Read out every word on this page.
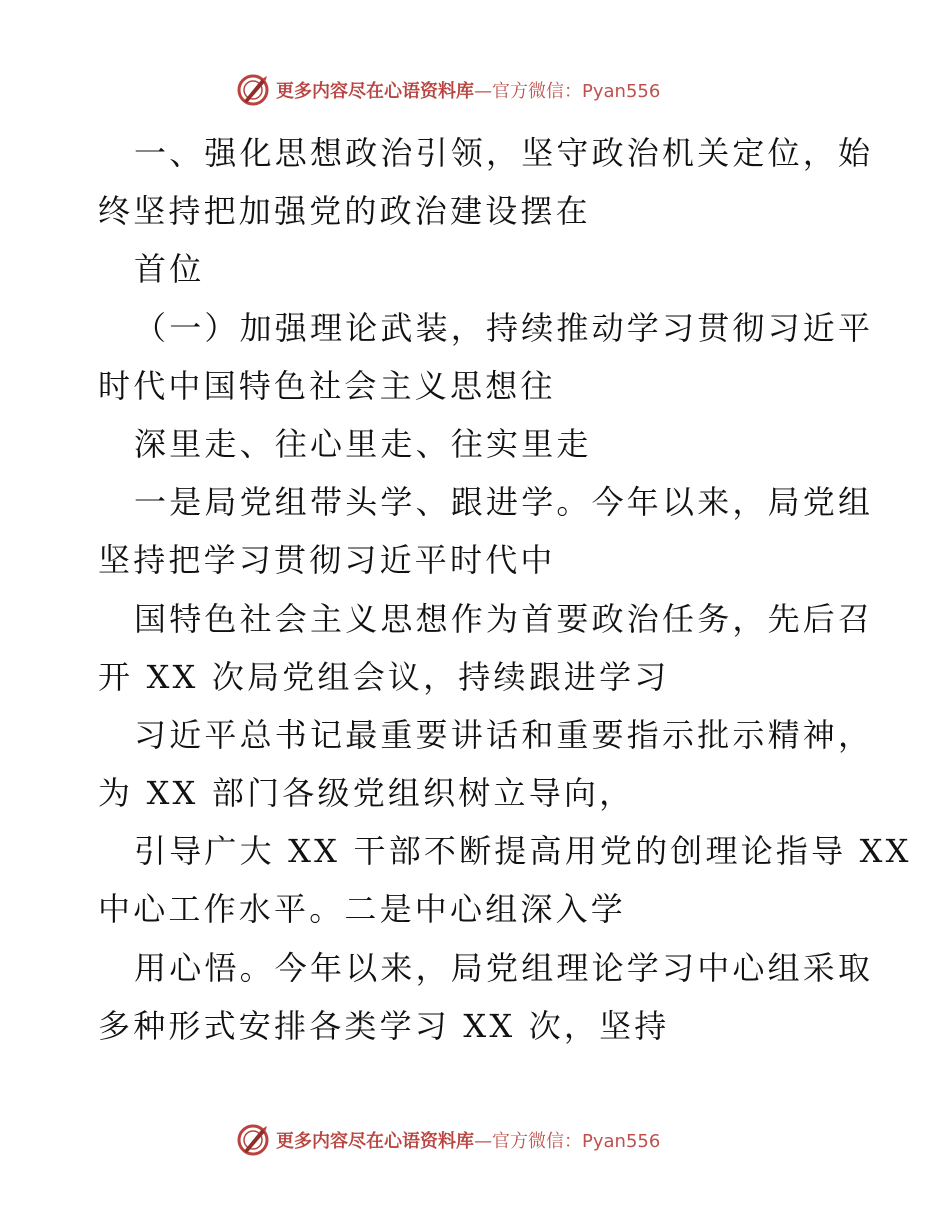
更多内容尽在心语资料库 —官方微信：Pyan556
一、强化思想政治引领，坚守政治机关定位，始
终坚持把加强党的政治建设摆在
首位
（一）加强理论武装，持续推动学习贯彻习近平
时代中国特色社会主义思想往
深里走、往心里走、往实里走
一是局党组带头学、跟进学。今年以来，局党组
坚持把学习贯彻习近平时代中
国特色社会主义思想作为首要政治任务，先后召
开 XX 次局党组会议，持续跟进学习
习近平总书记最重要讲话和重要指示批示精神，
为 XX 部门各级党组织树立导向，
引导广大 XX 干部不断提高用党的创理论指导 XX
中心工作水平。二是中心组深入学
用心悟。今年以来，局党组理论学习中心组采取
多种形式安排各类学习 XX 次，坚持
更多内容尽在心语资料库 —官方微信：Pyan556
